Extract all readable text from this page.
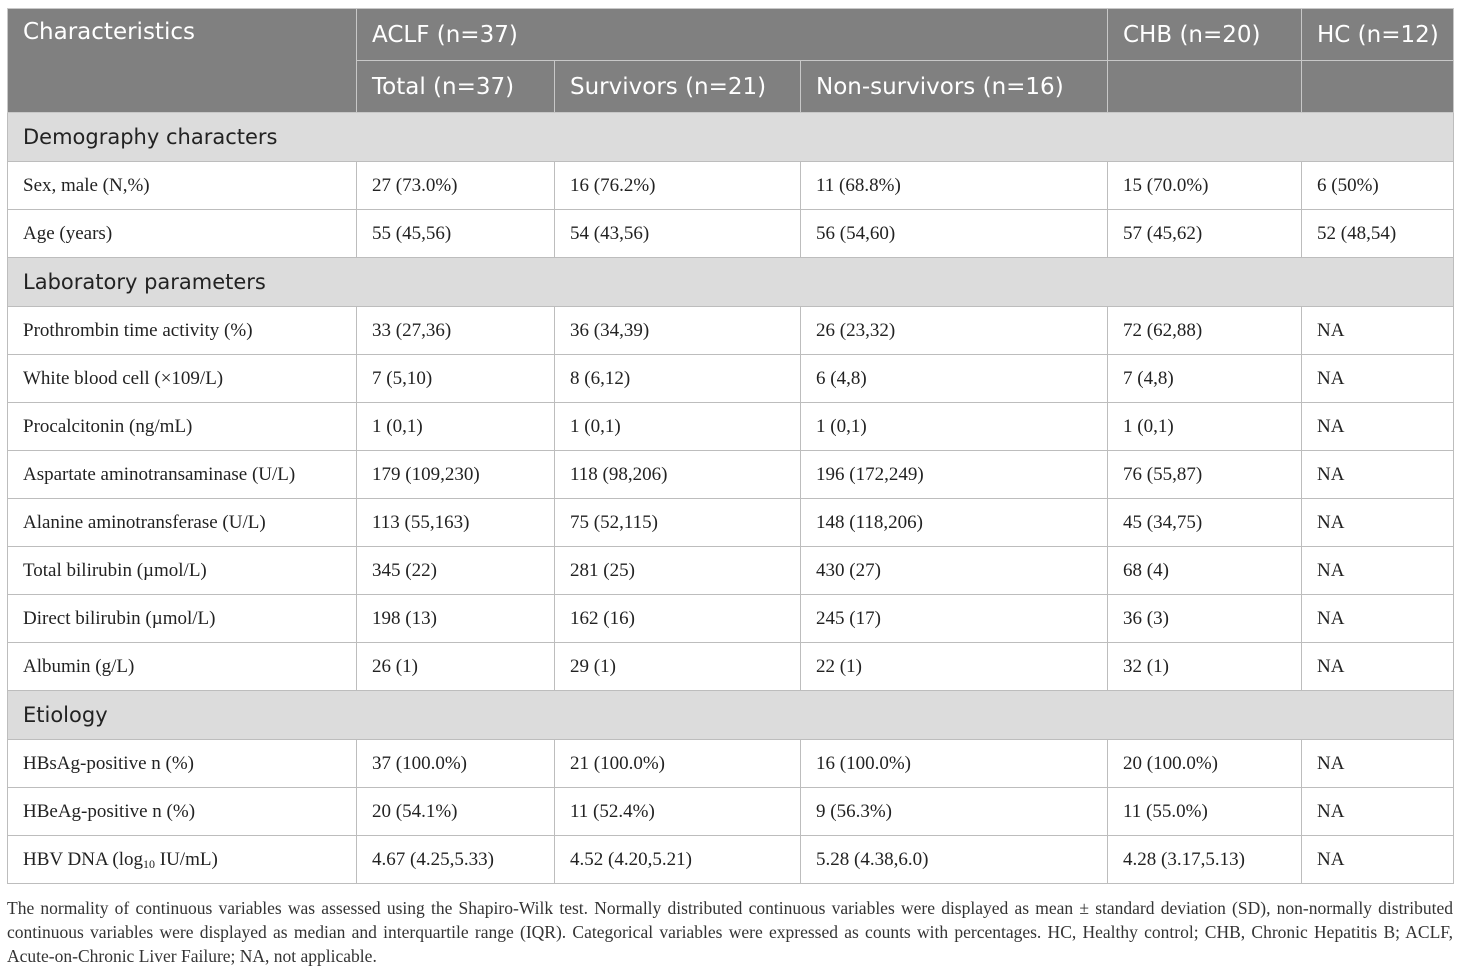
Characteristics	ACLF (n=37)			CHB (n=20)	HC (n=12)
	Total (n=37)	Survivors (n=21)	Non-survivors (n=16)		
Demography characters					
Sex, male (N,%)	27 (73.0%)	16 (76.2%)	11 (68.8%)	15 (70.0%)	6 (50%)
Age (years)	55 (45,56)	54 (43,56)	56 (54,60)	57 (45,62)	52 (48,54)
Laboratory parameters					
Prothrombin time activity (%)	33 (27,36)	36 (34,39)	26 (23,32)	72 (62,88)	NA
White blood cell (×109/L)	7 (5,10)	8 (6,12)	6 (4,8)	7 (4,8)	NA
Procalcitonin (ng/mL)	1 (0,1)	1 (0,1)	1 (0,1)	1 (0,1)	NA
Aspartate aminotransaminase (U/L)	179 (109,230)	118 (98,206)	196 (172,249)	76 (55,87)	NA
Alanine aminotransferase (U/L)	113 (55,163)	75 (52,115)	148 (118,206)	45 (34,75)	NA
Total bilirubin (µmol/L)	345 (22)	281 (25)	430 (27)	68 (4)	NA
Direct bilirubin (µmol/L)	198 (13)	162 (16)	245 (17)	36 (3)	NA
Albumin (g/L)	26 (1)	29 (1)	22 (1)	32 (1)	NA
Etiology					
HBsAg-positive n (%)	37 (100.0%)	21 (100.0%)	16 (100.0%)	20 (100.0%)	NA
HBeAg-positive n (%)	20 (54.1%)	11 (52.4%)	9 (56.3%)	11 (55.0%)	NA
HBV DNA ($\log_{10}$ IU/mL)	4.67 (4.25,5.33)	4.52 (4.20,5.21)	5.28 (4.38,6.0)	4.28 (3.17,5.13)	NA
The normality of continuous variables was assessed using the Shapiro-Wilk test. Normally distributed continuous variables were displayed as mean ± standard deviation (SD), non-normally distributed continuous variables were displayed as median and interquartile range (IQR). Categorical variables were expressed as counts with percentages. HC, Healthy control; CHB, Chronic Hepatitis B; ACLF, Acute-on-Chronic Liver Failure; NA, not applicable.
